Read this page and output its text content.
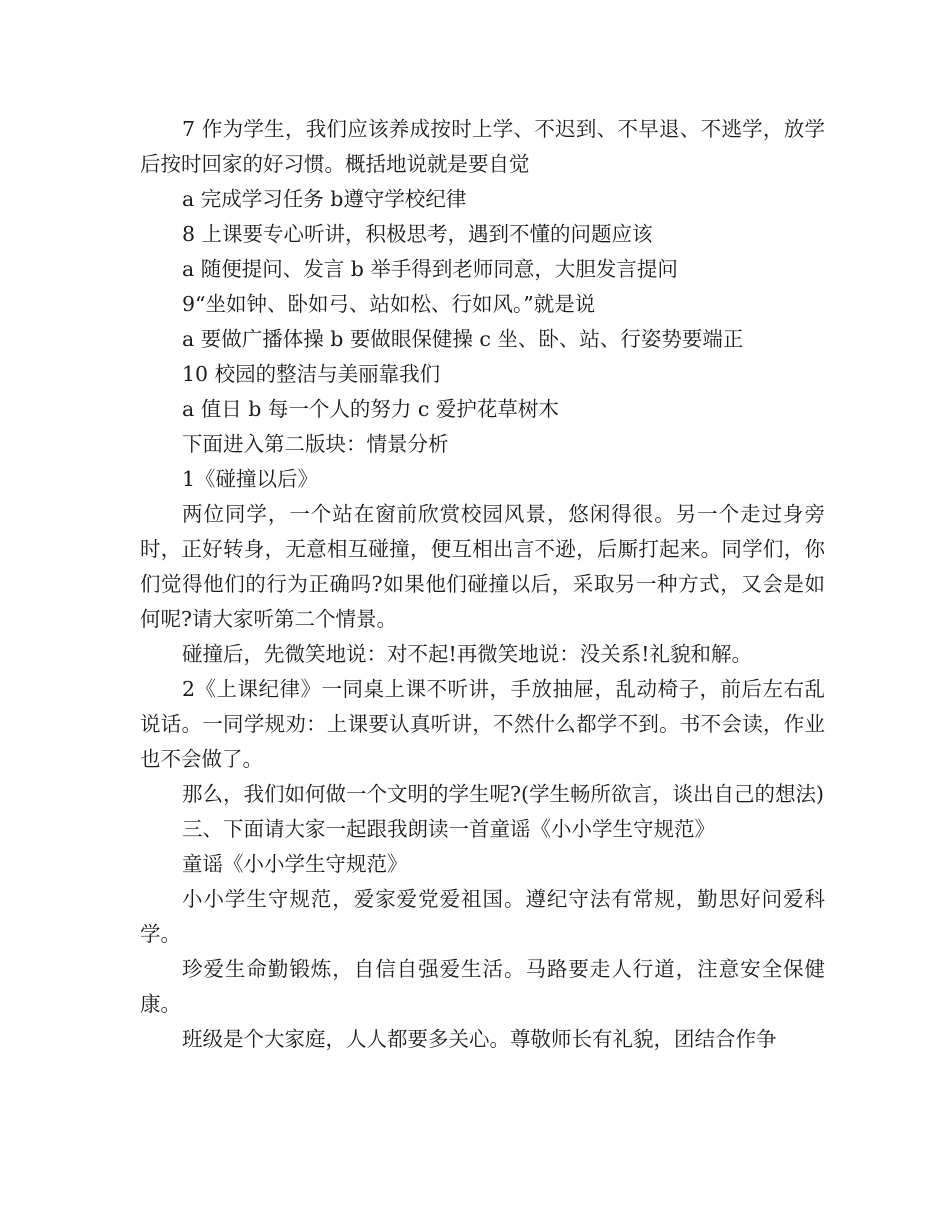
7 作为学生，我们应该养成按时上学、不迟到、不早退、不逃学，放学后按时回家的好习惯。概括地说就是要自觉

a 完成学习任务 b遵守学校纪律

8 上课要专心听讲，积极思考，遇到不懂的问题应该

a 随便提问、发言 b 举手得到老师同意，大胆发言提问

9“坐如钟、卧如弓、站如松、行如风。”就是说

a 要做广播体操 b 要做眼保健操 c 坐、卧、站、行姿势要端正

10 校园的整洁与美丽靠我们

a 值日 b 每一个人的努力 c 爱护花草树木

下面进入第二版块：情景分析

1《碰撞以后》

两位同学，一个站在窗前欣赏校园风景，悠闲得很。另一个走过身旁时，正好转身，无意相互碰撞，便互相出言不逊，后厮打起来。同学们，你们觉得他们的行为正确吗?如果他们碰撞以后，采取另一种方式，又会是如何呢?请大家听第二个情景。

碰撞后，先微笑地说：对不起!再微笑地说：没关系!礼貌和解。

2《上课纪律》一同桌上课不听讲，手放抽屉，乱动椅子，前后左右乱说话。一同学规劝：上课要认真听讲，不然什么都学不到。书不会读，作业也不会做了。

那么，我们如何做一个文明的学生呢?(学生畅所欲言，谈出自己的想法)

三、下面请大家一起跟我朗读一首童谣《小小学生守规范》

童谣《小小学生守规范》

小小学生守规范，爱家爱党爱祖国。遵纪守法有常规，勤思好问爱科学。

珍爱生命勤锻炼，自信自强爱生活。马路要走人行道，注意安全保健康。

班级是个大家庭，人人都要多关心。尊敬师长有礼貌，团结合作争
